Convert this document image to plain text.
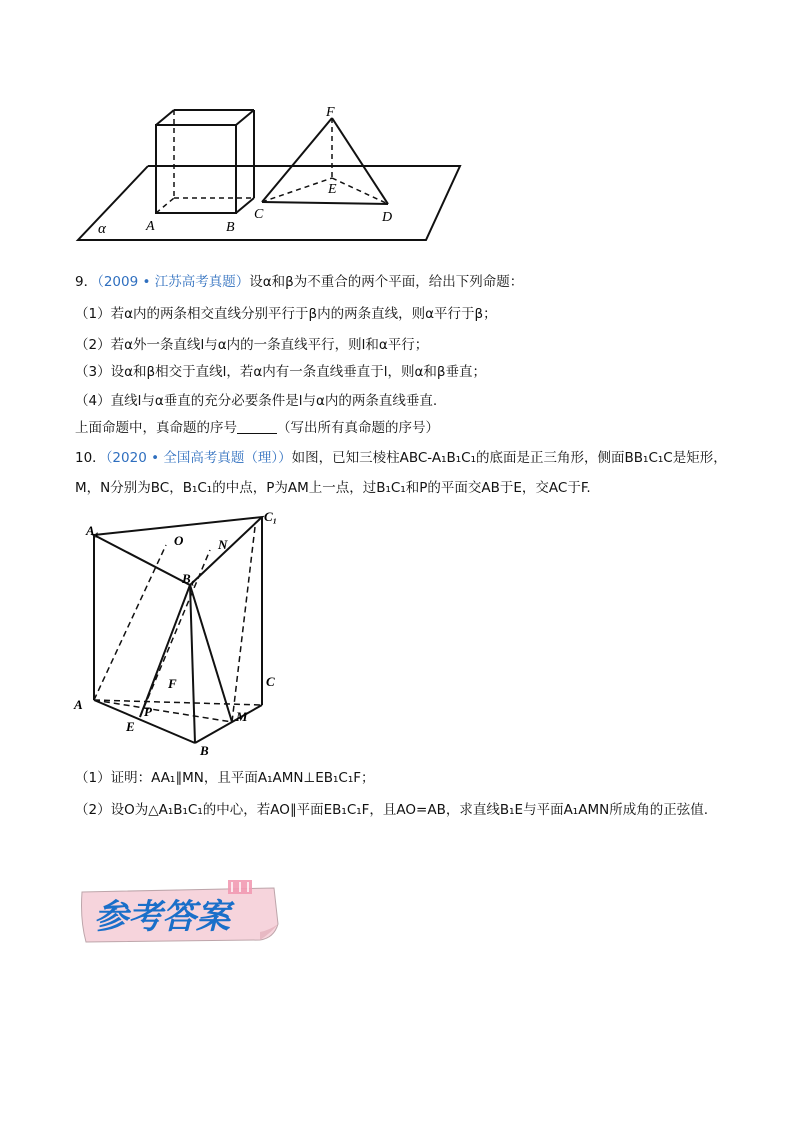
F
E
C	D
A	B
α
9．（2009 • 江苏高考真题）设α和β为不重合的两个平面，给出下列命题：
（1）若α内的两条相交直线分别平行于β内的两条直线，则α平行于β；
（2）若α外一条直线l与α内的一条直线平行，则l和α平行；
（3）设α和β相交于直线l，若α内有一条直线垂直于l，则α和β垂直；
（4）直线l与α垂直的充分必要条件是l与α内的两条直线垂直.
上面命题中，真命题的序号	（写出所有真命题的序号）
10．（2020 • 全国高考真题（理））如图，已知三棱柱ABC-A₁B₁C₁的底面是正三角形，侧面BB₁C₁C是矩形，
M，N分别为BC，B₁C₁的中点，P为AM上一点，过B₁C₁和P的平面交AB于E，交AC于F.
A₁
O	N
C₁
B₁
F	C
A	P
E
M
B
（1）证明：AA₁∥MN，且平面A₁AMN⊥EB₁C₁F；
（2）设O为△A₁B₁C₁的中心，若AO∥平面EB₁C₁F，且AO=AB，求直线B₁E与平面A₁AMN所成角的正弦值.
参考答案
